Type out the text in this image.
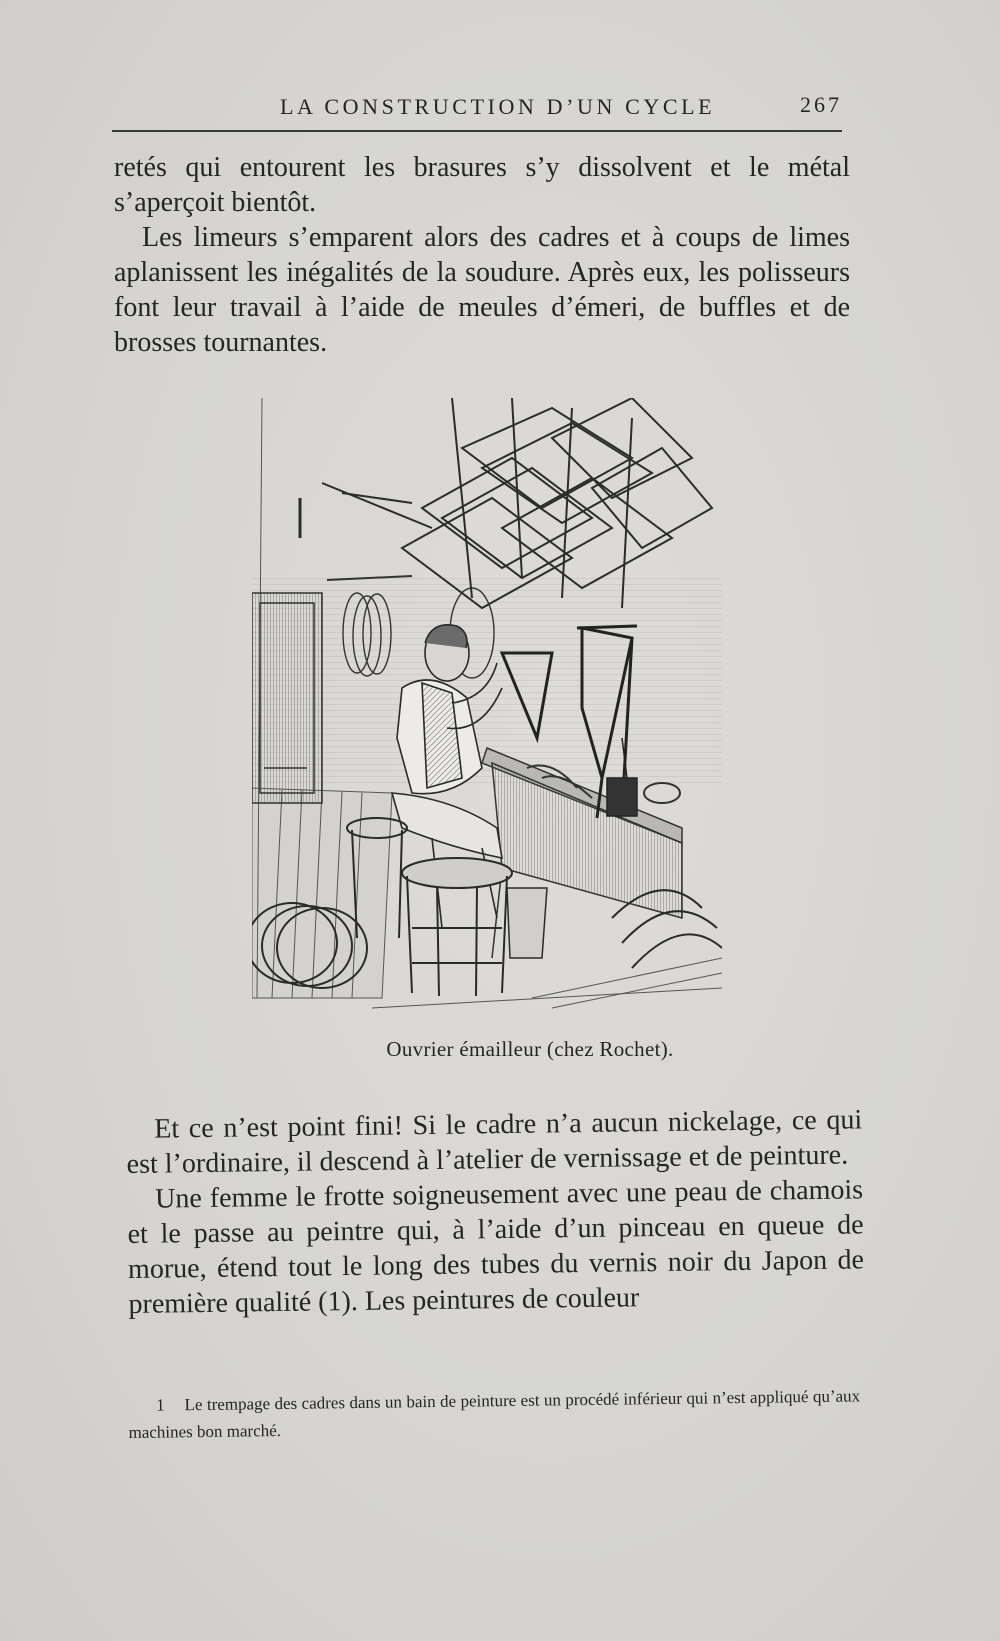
LA CONSTRUCTION D’UN CYCLE	267

retés qui entourent les brasures s’y dissolvent et le métal s’aperçoit bientôt.

Les limeurs s’emparent alors des cadres et à coups de limes aplanissent les inégalités de la soudure. Après eux, les polisseurs font leur travail à l’aide de meules d’émeri, de buffles et de brosses tournantes.

Ouvrier émailleur (chez Rochet).

Et ce n’est point fini! Si le cadre n’a aucun nickelage, ce qui est l’ordinaire, il descend à l’atelier de vernissage et de peinture.

Une femme le frotte soigneusement avec une peau de chamois et le passe au peintre qui, à l’aide d’un pinceau en queue de morue, étend tout le long des tubes du vernis noir du Japon de première qualité (1). Les peintures de couleur

1 Le trempage des cadres dans un bain de peinture est un procédé inférieur qui n’est appliqué qu’aux machines bon marché.
